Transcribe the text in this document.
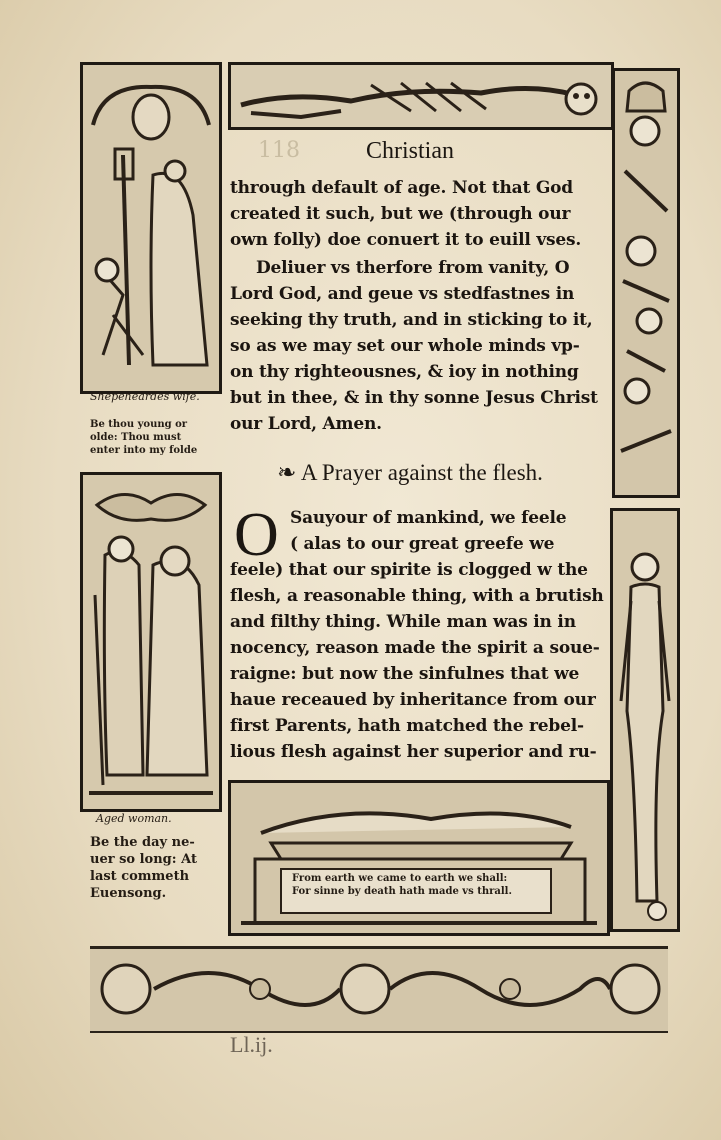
Shepeheardes wife.
Be thou young or
olde: Thou must
enter into my folde
Aged woman.
Be the day ne-
uer so long: At
last commeth
Euensong.
118	Christian
through default of age. Not that God
created it such, but we (through our
own folly) doe conuert it to euill vses.
Deliuer vs therfore from vanity, O
Lord God, and geue vs stedfastnes in
seeking thy truth, and in sticking to it,
so as we may set our whole minds vp-
on thy righteousnes, & ioy in nothing
but in thee, & in thy sonne Jesus Christ
our Lord, Amen.
❧ A Prayer against the flesh.
O Sauyour of mankind, we feele
( alas to our great greefe we
feele) that our spirite is clogged w the
flesh, a reasonable thing, with a brutish
and filthy thing. While man was in in
nocency, reason made the spirit a soue-
raigne: but now the sinfulnes that we
haue receaued by inheritance from our
first Parents, hath matched the rebel-
lious flesh against her superior and ru-
From earth we came to earth we shall:
For sinne by death hath made vs thrall.
Ll.ij.
